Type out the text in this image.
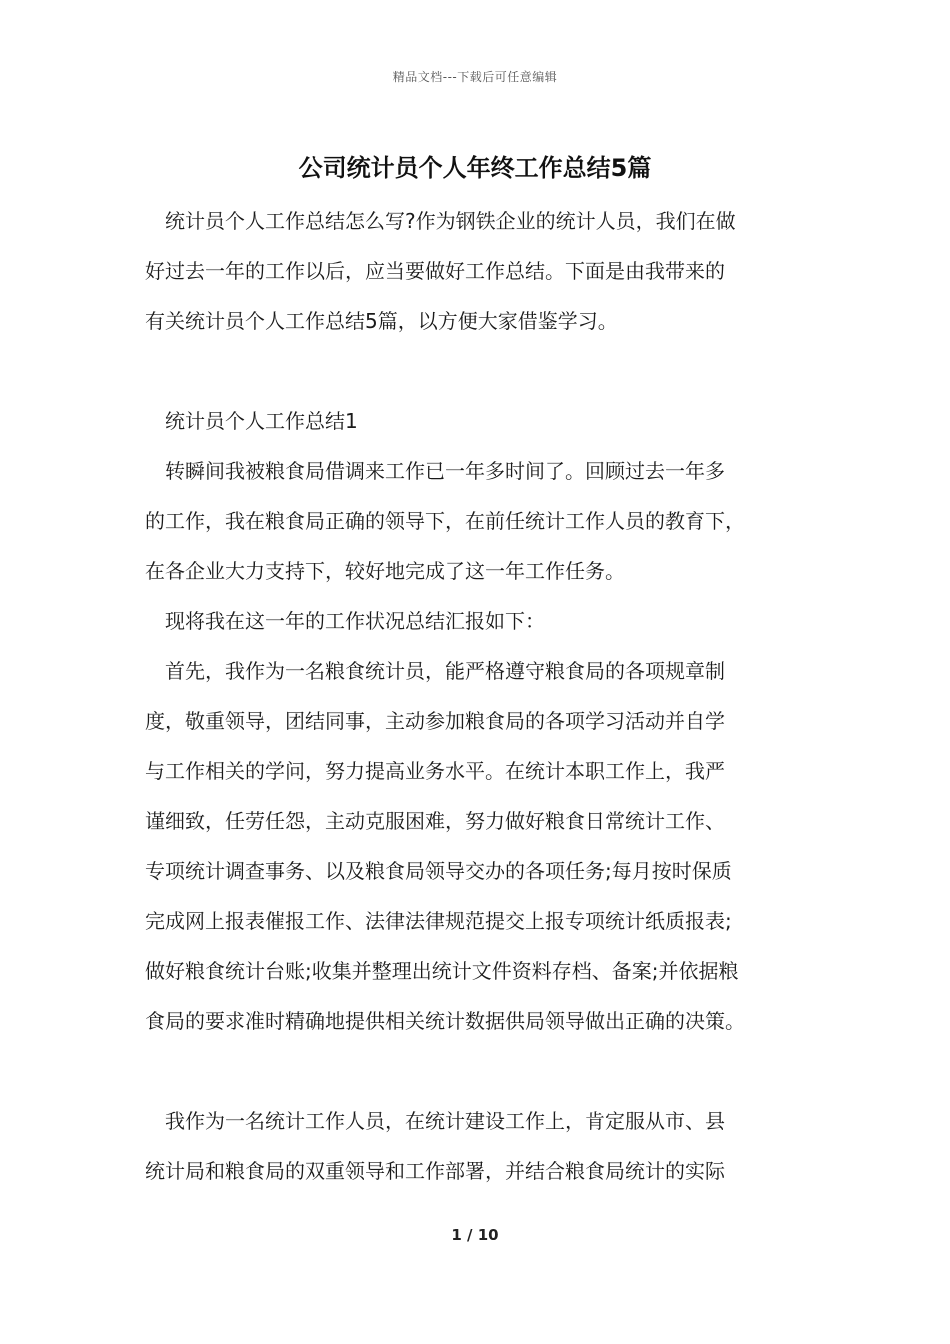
精品文档---下载后可任意编辑
公司统计员个人年终工作总结5篇
统计员个人工作总结怎么写?作为钢铁企业的统计人员，我们在做
好过去一年的工作以后，应当要做好工作总结。下面是由我带来的
有关统计员个人工作总结5篇，以方便大家借鉴学习。
统计员个人工作总结1
转瞬间我被粮食局借调来工作已一年多时间了。回顾过去一年多
的工作，我在粮食局正确的领导下，在前任统计工作人员的教育下，
在各企业大力支持下，较好地完成了这一年工作任务。
现将我在这一年的工作状况总结汇报如下：
首先，我作为一名粮食统计员，能严格遵守粮食局的各项规章制
度，敬重领导，团结同事，主动参加粮食局的各项学习活动并自学
与工作相关的学问，努力提高业务水平。在统计本职工作上，我严
谨细致，任劳任怨，主动克服困难，努力做好粮食日常统计工作、
专项统计调查事务、以及粮食局领导交办的各项任务;每月按时保质
完成网上报表催报工作、法律法律规范提交上报专项统计纸质报表;
做好粮食统计台账;收集并整理出统计文件资料存档、备案;并依据粮
食局的要求准时精确地提供相关统计数据供局领导做出正确的决策。
我作为一名统计工作人员，在统计建设工作上，肯定服从市、县
统计局和粮食局的双重领导和工作部署，并结合粮食局统计的实际
1 / 10
